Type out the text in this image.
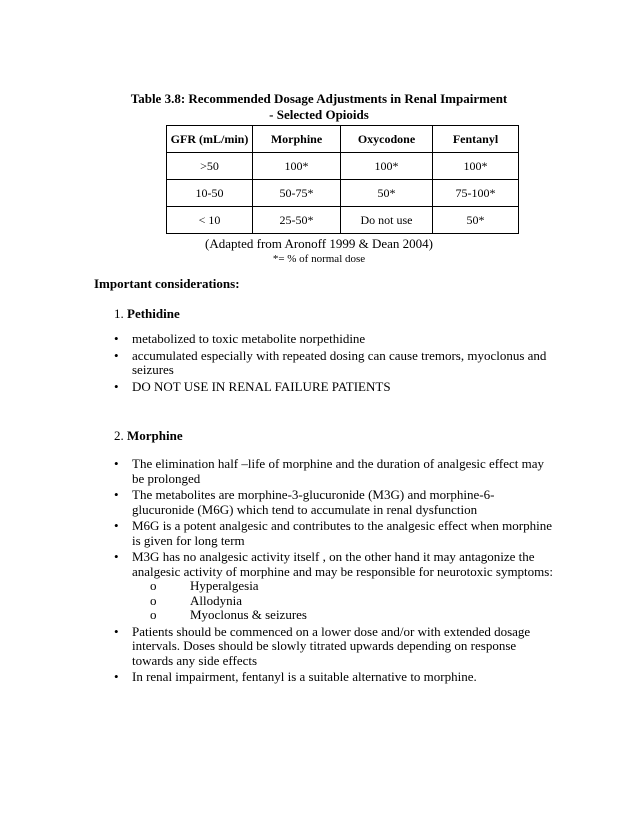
Table 3.8: Recommended Dosage Adjustments in Renal Impairment
- Selected Opioids
GFR (mL/min)	Morphine	Oxycodone	Fentanyl
>50	100*	100*	100*
10-50	50-75*	50*	75-100*
< 10	25-50*	Do not use	50*
(Adapted from Aronoff 1999 & Dean 2004)
*= % of normal dose
Important considerations:
1. Pethidine
• metabolized to toxic metabolite norpethidine
• accumulated especially with repeated dosing can cause tremors, myoclonus and seizures
• DO NOT USE IN RENAL FAILURE PATIENTS
2. Morphine
• The elimination half –life of morphine and the duration of analgesic effect may be prolonged
• The metabolites are morphine-3-glucuronide (M3G) and morphine-6-glucuronide (M6G) which tend to accumulate in renal dysfunction
• M6G is a potent analgesic and contributes to the analgesic effect when morphine is given for long term
• M3G has no analgesic activity itself , on the other hand it may antagonize the analgesic activity of morphine and may be responsible for neurotoxic symptoms:
o	Hyperalgesia
o	Allodynia
o	Myoclonus & seizures
• Patients should be commenced on a lower dose and/or with extended dosage intervals. Doses should be slowly titrated upwards depending on response towards any side effects
• In renal impairment, fentanyl is a suitable alternative to morphine.
